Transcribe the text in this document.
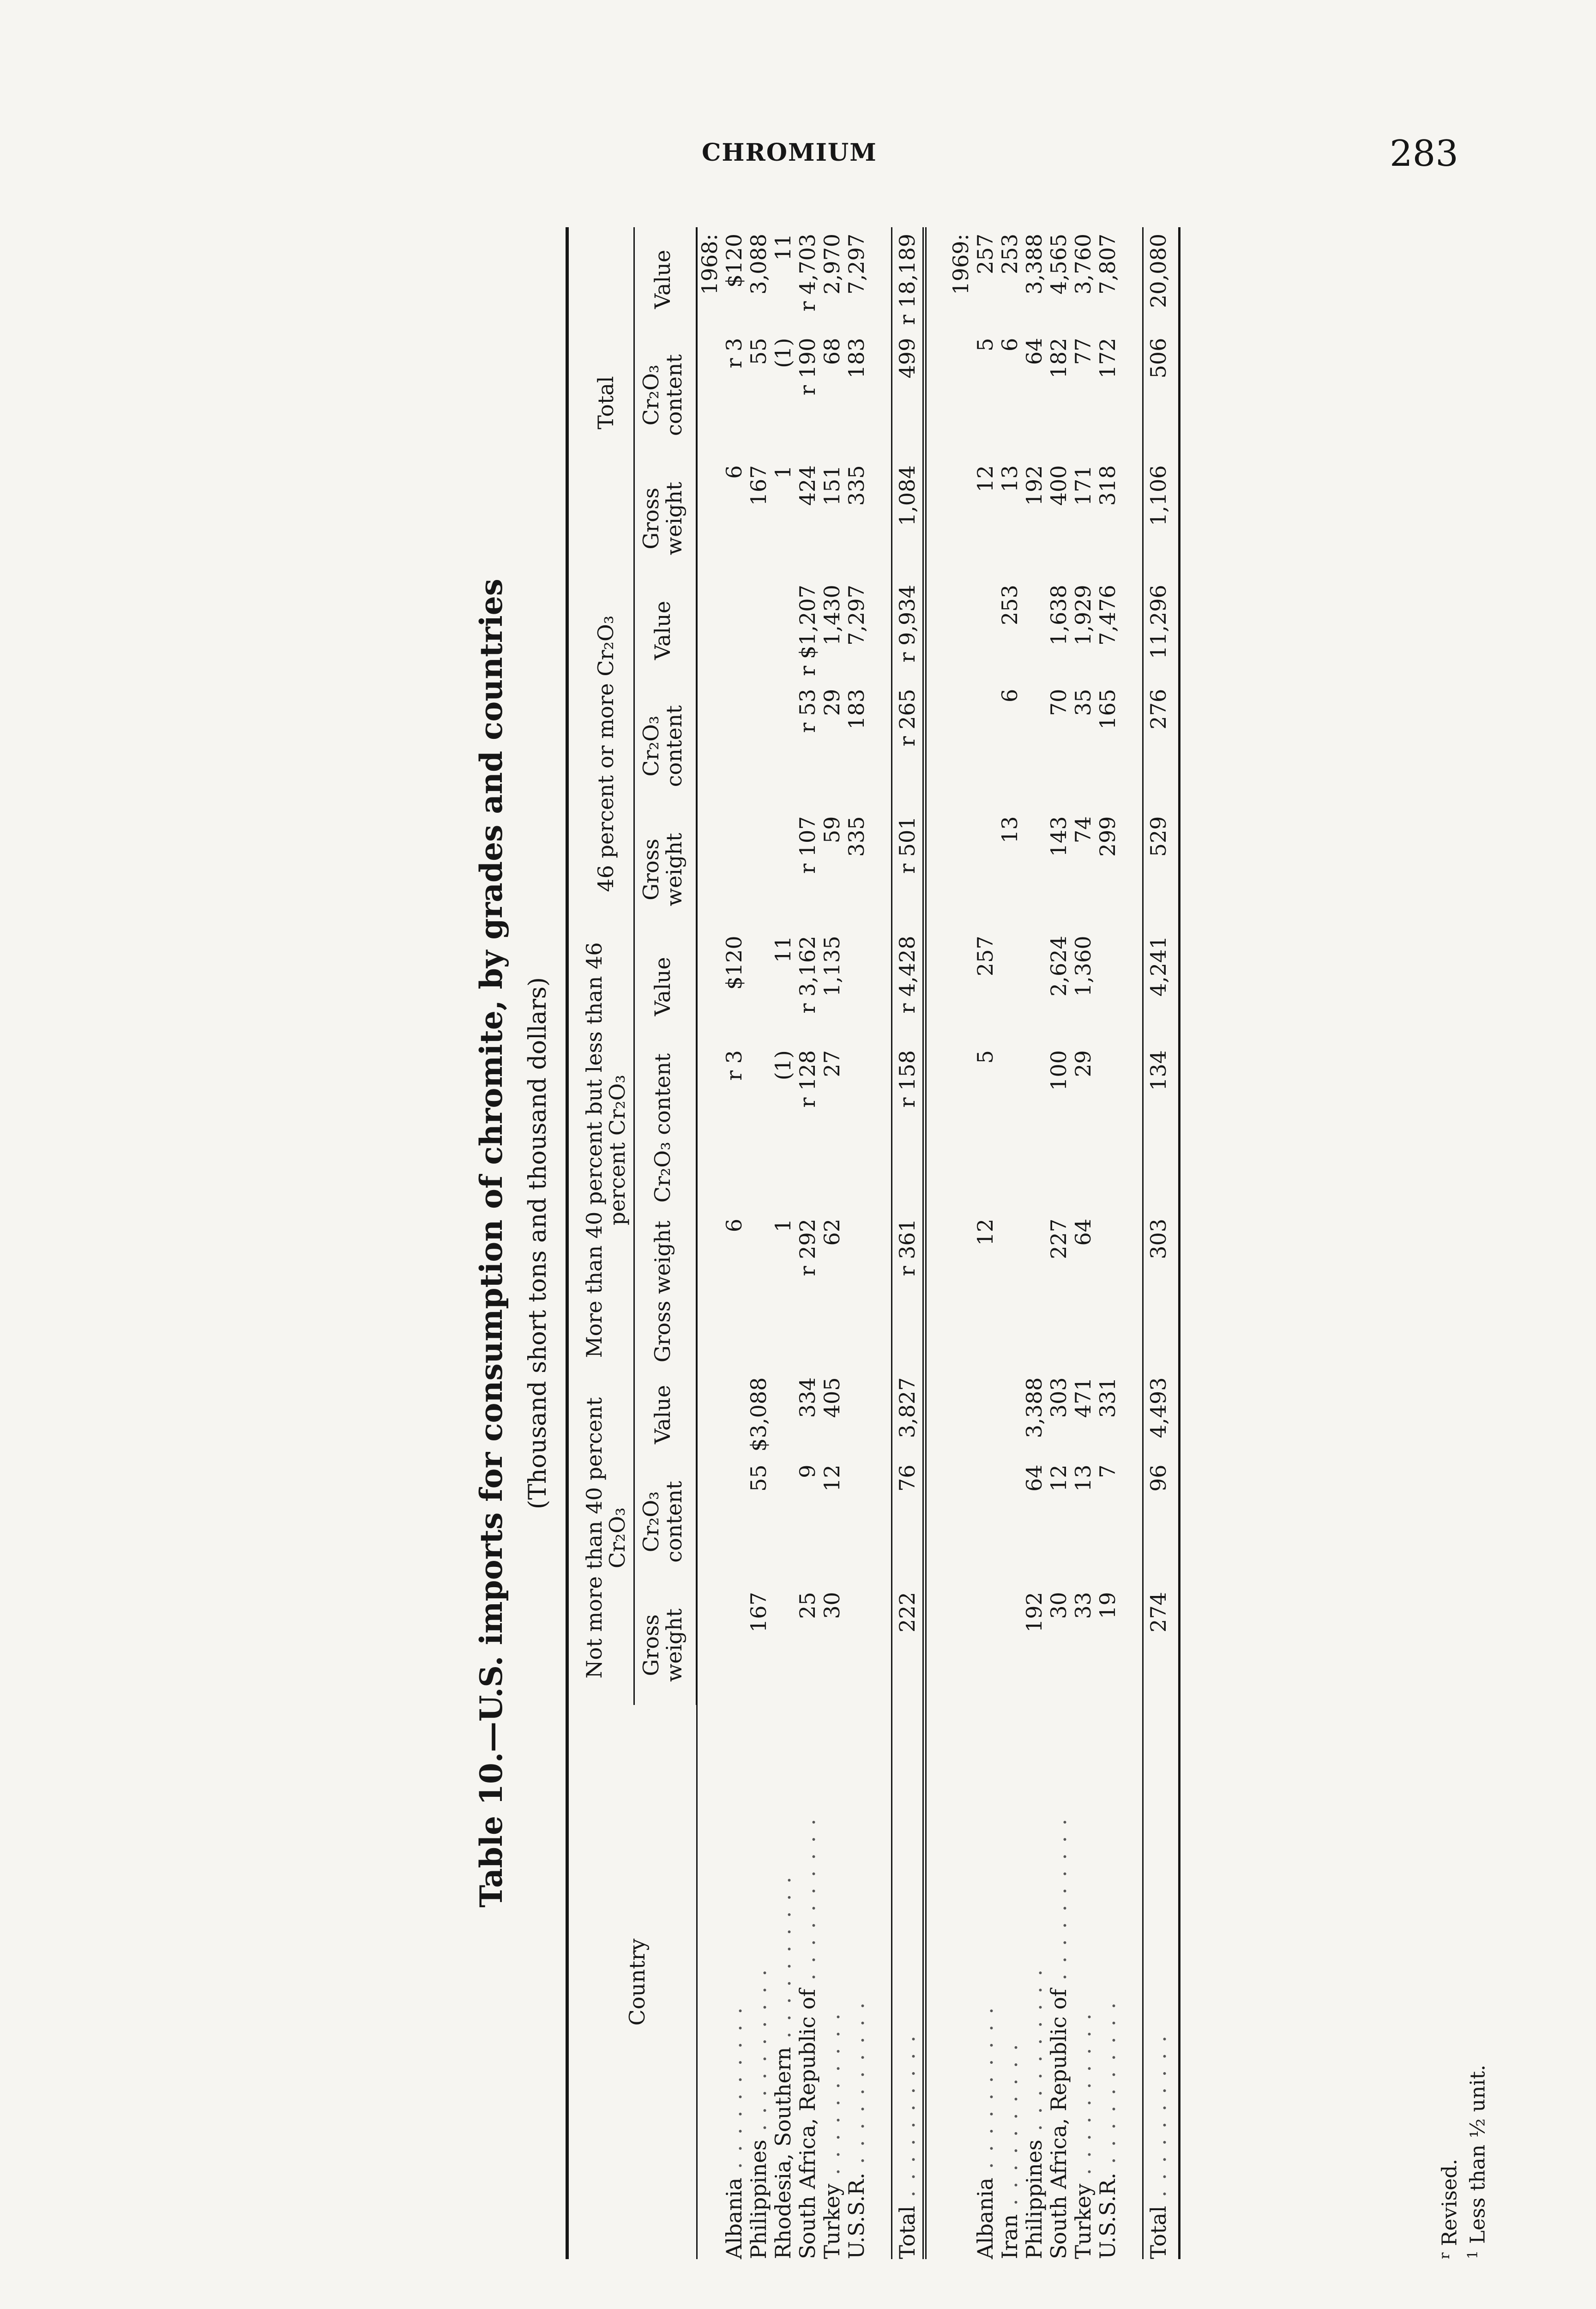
CHROMIUM	283
Table 10.—U.S. imports for consumption of chromite, by grades and countries (Thousand short tons and thousand dollars)
Country	Not more than 40 percent Cr₂O₃			More than 40 percent but less than 46 percent Cr₂O₃			46 percent or more Cr₂O₃			Total		
	Gross weight	Cr₂O₃ content	Value	Gross weight	Cr₂O₃ content	Value	Gross weight	Cr₂O₃ content	Value	Gross weight	Cr₂O₃ content	Value
1968:												
Albania . . . . . . . . . .				6	r 3	$120				6	r 3	$120
Philippines . . . . . . . . . .	167	55	$3,088							167	55	3,088
Rhodesia, Southern . . . . . . . . . .				1	(1)	11				1	(1)	11
South Africa, Republic of . . . . . . . . . .	25	9	334	r 292	r 128	r 3,162	r 107	r 53	r $1,207	424	r 190	r 4,703
Turkey . . . . . . . . . .	30	12	405	62	27	1,135	59	29	1,430	151	68	2,970
U.S.S.R. . . . . . . . . . .							335	183	7,297	335	183	7,297

Total . . . . . . . . . .	222	76	3,827	r 361	r 158	r 4,428	r 501	r 265	r 9,934	1,084	499	r 18,189

1969:												
Albania . . . . . . . . . .				12	5	257				12	5	257
Iran . . . . . . . . . .							13	6	253	13	6	253
Philippines . . . . . . . . . .	192	64	3,388							192	64	3,388
South Africa, Republic of . . . . . . . . . .	30	12	303	227	100	2,624	143	70	1,638	400	182	4,565
Turkey . . . . . . . . . .	33	13	471	64	29	1,360	74	35	1,929	171	77	3,760
U.S.S.R. . . . . . . . . . .	19	7	331				299	165	7,476	318	172	7,807

Total . . . . . . . . . .	274	96	4,493	303	134	4,241	529	276	11,296	1,106	506	20,080
$^r$ Revised.
$^1$ Less than ½ unit.
